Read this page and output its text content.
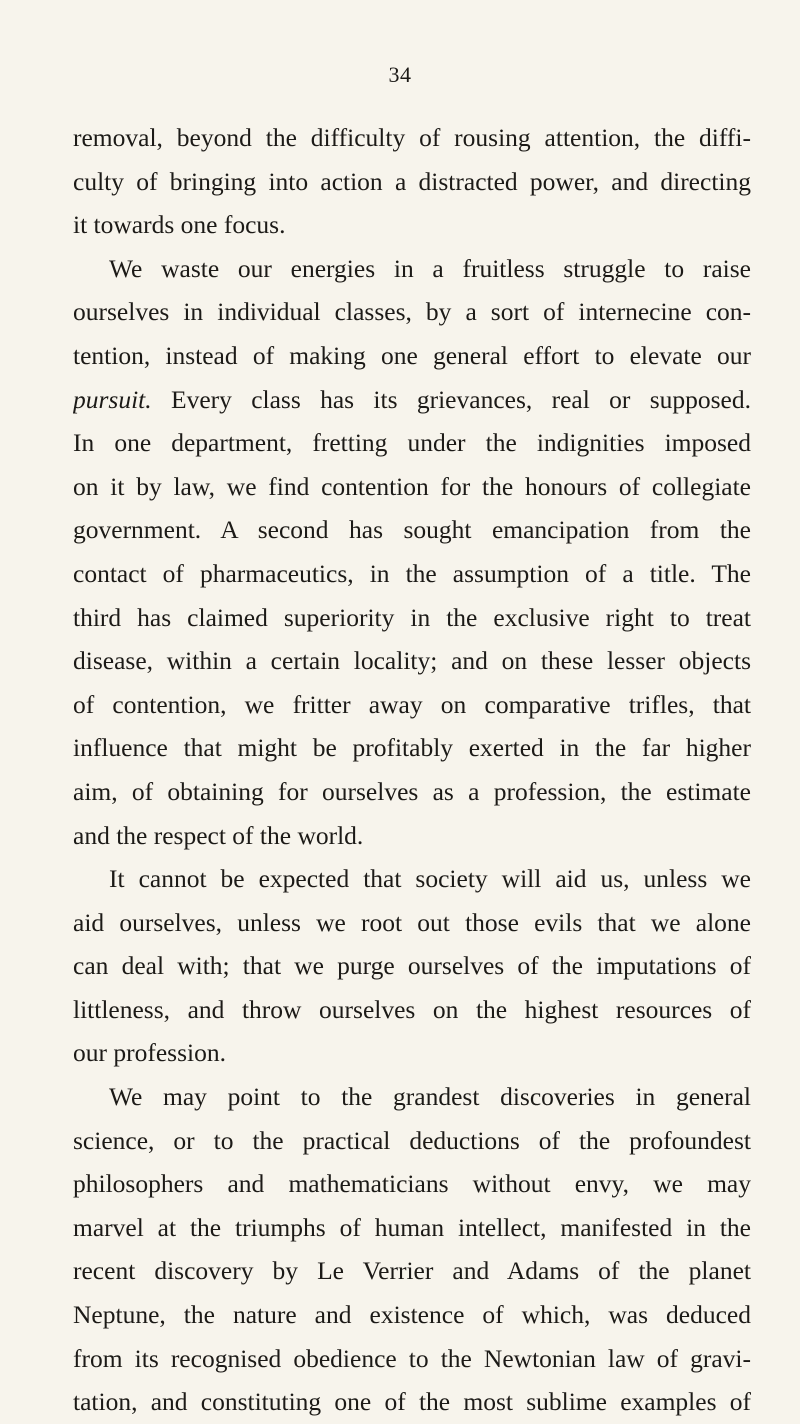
34
removal, beyond the difficulty of rousing attention, the diffi-
culty of bringing into action a distracted power, and directing
it towards one focus.
We waste our energies in a fruitless struggle to raise
ourselves in individual classes, by a sort of internecine con-
tention, instead of making one general effort to elevate our
pursuit. Every class has its grievances, real or supposed.
In one department, fretting under the indignities imposed
on it by law, we find contention for the honours of collegiate
government. A second has sought emancipation from the
contact of pharmaceutics, in the assumption of a title. The
third has claimed superiority in the exclusive right to treat
disease, within a certain locality; and on these lesser objects
of contention, we fritter away on comparative trifles, that
influence that might be profitably exerted in the far higher
aim, of obtaining for ourselves as a profession, the estimate
and the respect of the world.
It cannot be expected that society will aid us, unless we
aid ourselves, unless we root out those evils that we alone
can deal with; that we purge ourselves of the imputations of
littleness, and throw ourselves on the highest resources of
our profession.
We may point to the grandest discoveries in general
science, or to the practical deductions of the profoundest
philosophers and mathematicians without envy, we may
marvel at the triumphs of human intellect, manifested in the
recent discovery by Le Verrier and Adams of the planet
Neptune, the nature and existence of which, was deduced
from its recognised obedience to the Newtonian law of gravi-
tation, and constituting one of the most sublime examples of
